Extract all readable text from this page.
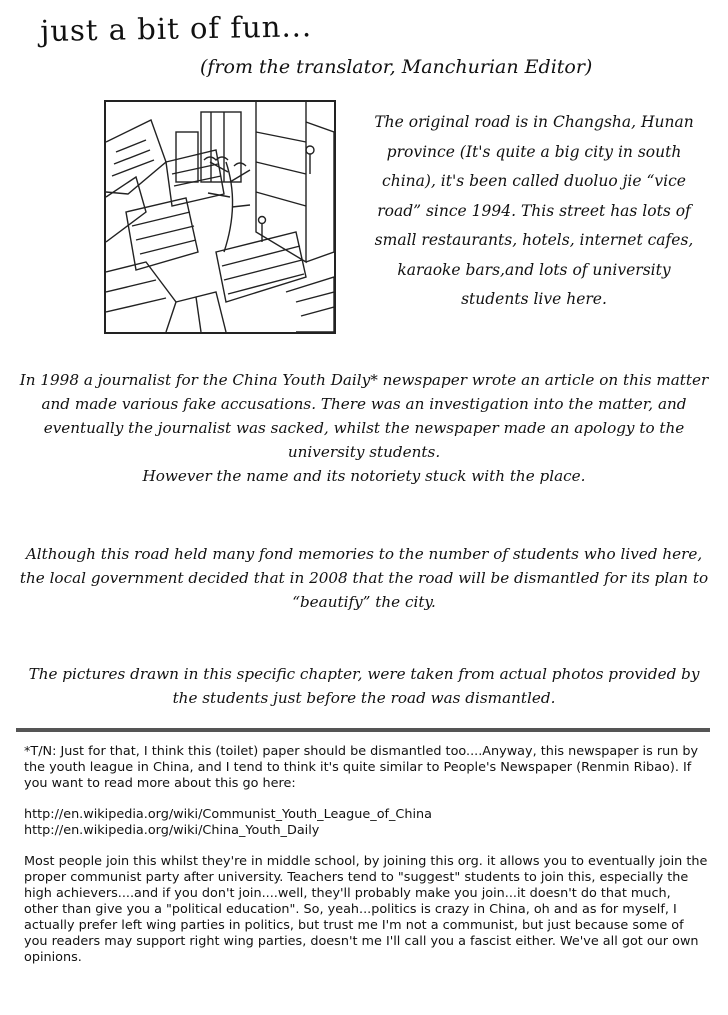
just a bit of fun...
(from the translator, Manchurian Editor)

The original road is in Changsha, Hunan province (It's quite a big city in south china), it's been called duoluo jie “vice road” since 1994. This street has lots of small restaurants, hotels, internet cafes, karaoke bars,and lots of university students live here.

In 1998 a journalist for the China Youth Daily* newspaper wrote an article on this matter and made various fake accusations. There was an investigation into the matter, and eventually the journalist was sacked, whilst the newspaper made an apology to the university students.
However the name and its notoriety stuck with the place.

Although this road held many fond memories to the number of students who lived here, the local government decided that in 2008 that the road will be dismantled for its plan to “beautify” the city.

The pictures drawn in this specific chapter, were taken from actual photos provided by the students just before the road was dismantled.

*T/N: Just for that, I think this (toilet) paper should be dismantled too....Anyway, this newspaper is run by the youth league in China, and I tend to think it's quite similar to People's Newspaper (Renmin Ribao). If you want to read more about this go here:

http://en.wikipedia.org/wiki/Communist_Youth_League_of_China
http://en.wikipedia.org/wiki/China_Youth_Daily

Most people join this whilst they're in middle school, by joining this org. it allows you to eventually join the proper communist party after university. Teachers tend to "suggest" students to join this, especially the high achievers....and if you don't join....well, they'll probably make you join...it doesn't do that much, other than give you a "political education". So, yeah...politics is crazy in China, oh and as for myself, I actually prefer left wing parties in politics, but trust me I'm not a communist, but just because some of you readers may support right wing parties, doesn't me I'll call you a fascist either. We've all got our own opinions.
